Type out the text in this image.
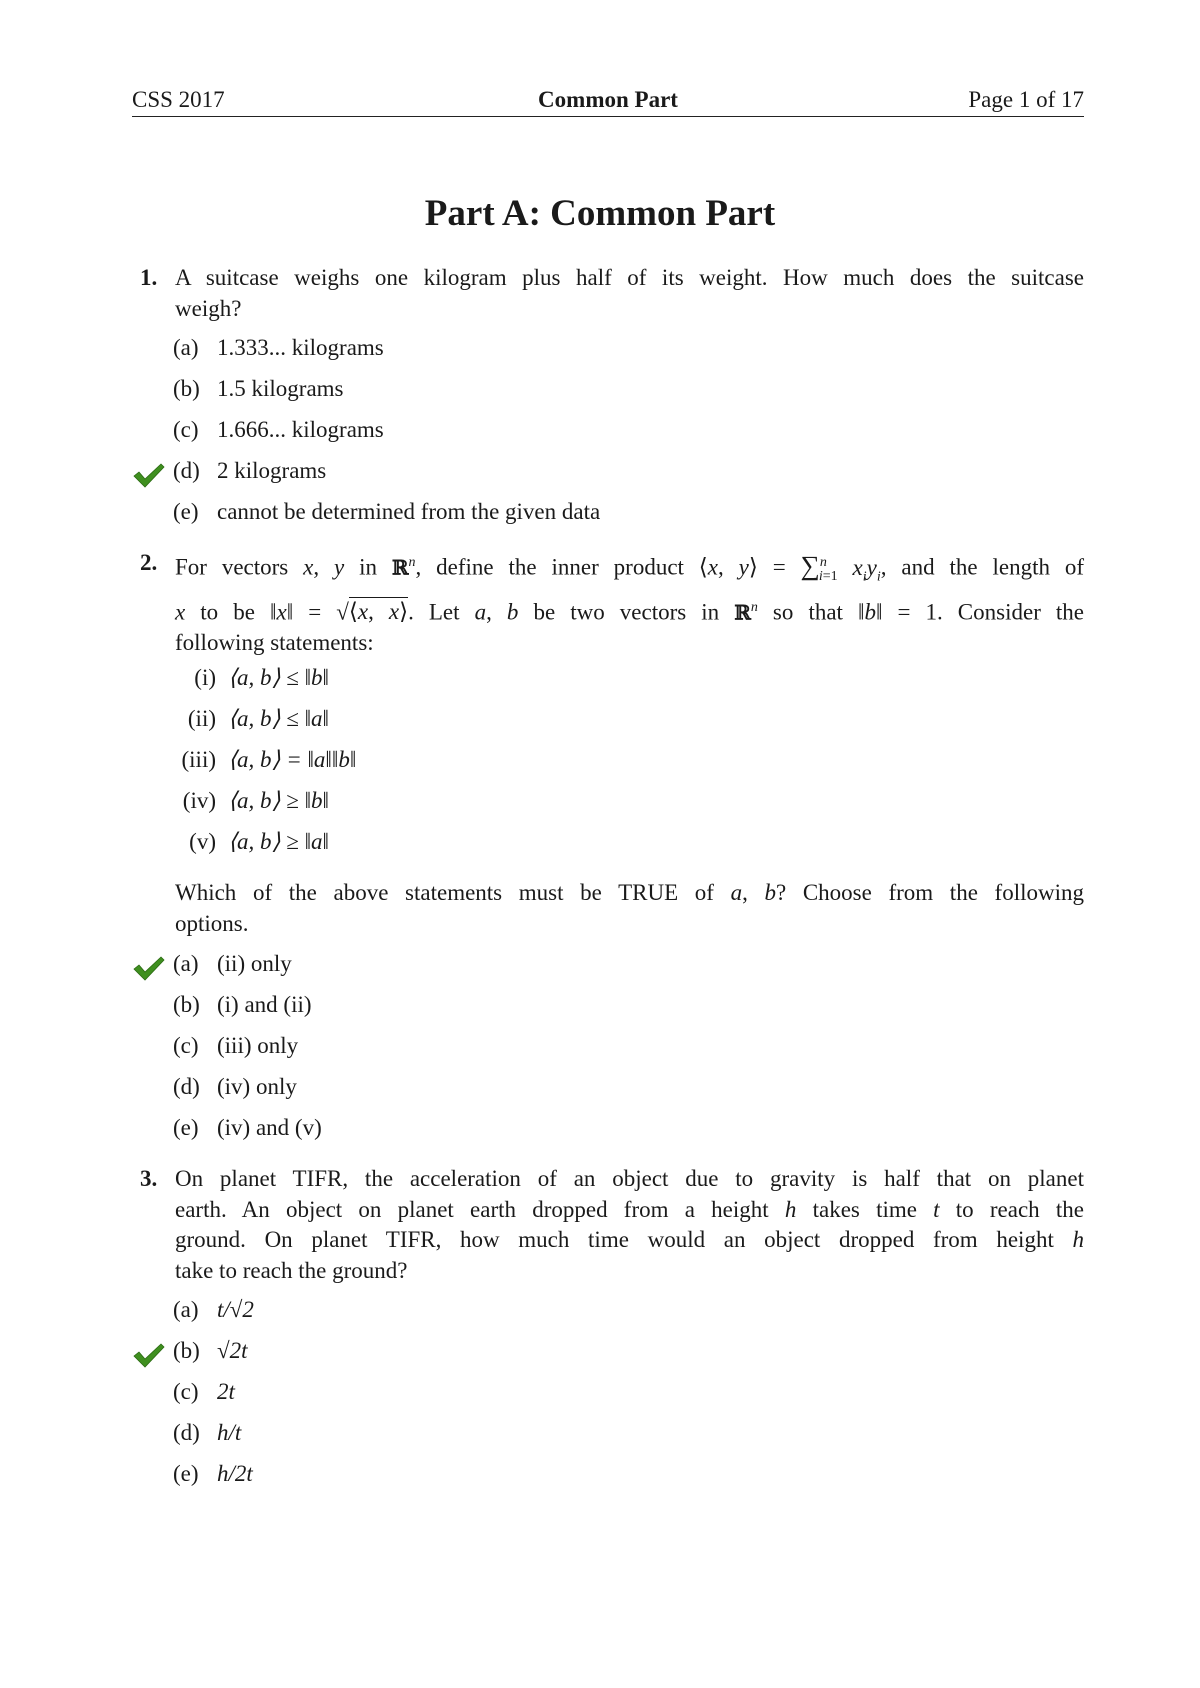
CSS 2017	Common Part	Page 1 of 17
Part A: Common Part
1. A suitcase weighs one kilogram plus half of its weight. How much does the suitcase
weigh?
(a) 1.333... kilograms
(b) 1.5 kilograms
(c) 1.666... kilograms
(d) 2 kilograms
(e) cannot be determined from the given data
2. For vectors x, y in ℝ$^n$, define the inner product ⟨x, y⟩ = ∑$^n_{i=1}$ $x_iy_i$, and the length of
x to be ‖x‖ = √⟨x, x⟩. Let a, b be two vectors in ℝ$^n$ so that ‖b‖ = 1. Consider the
following statements:
(i) ⟨a, b⟩ ≤ ‖b‖
(ii) ⟨a, b⟩ ≤ ‖a‖
(iii) ⟨a, b⟩ = ‖a‖‖b‖
(iv) ⟨a, b⟩ ≥ ‖b‖
(v) ⟨a, b⟩ ≥ ‖a‖
Which of the above statements must be TRUE of a, b? Choose from the following
options.
(a) (ii) only
(b) (i) and (ii)
(c) (iii) only
(d) (iv) only
(e) (iv) and (v)
3. On planet TIFR, the acceleration of an object due to gravity is half that on planet
earth. An object on planet earth dropped from a height h takes time t to reach the
ground. On planet TIFR, how much time would an object dropped from height h
take to reach the ground?
(a) t/√2
(b) √2t
(c) 2t
(d) h/t
(e) h/2t
